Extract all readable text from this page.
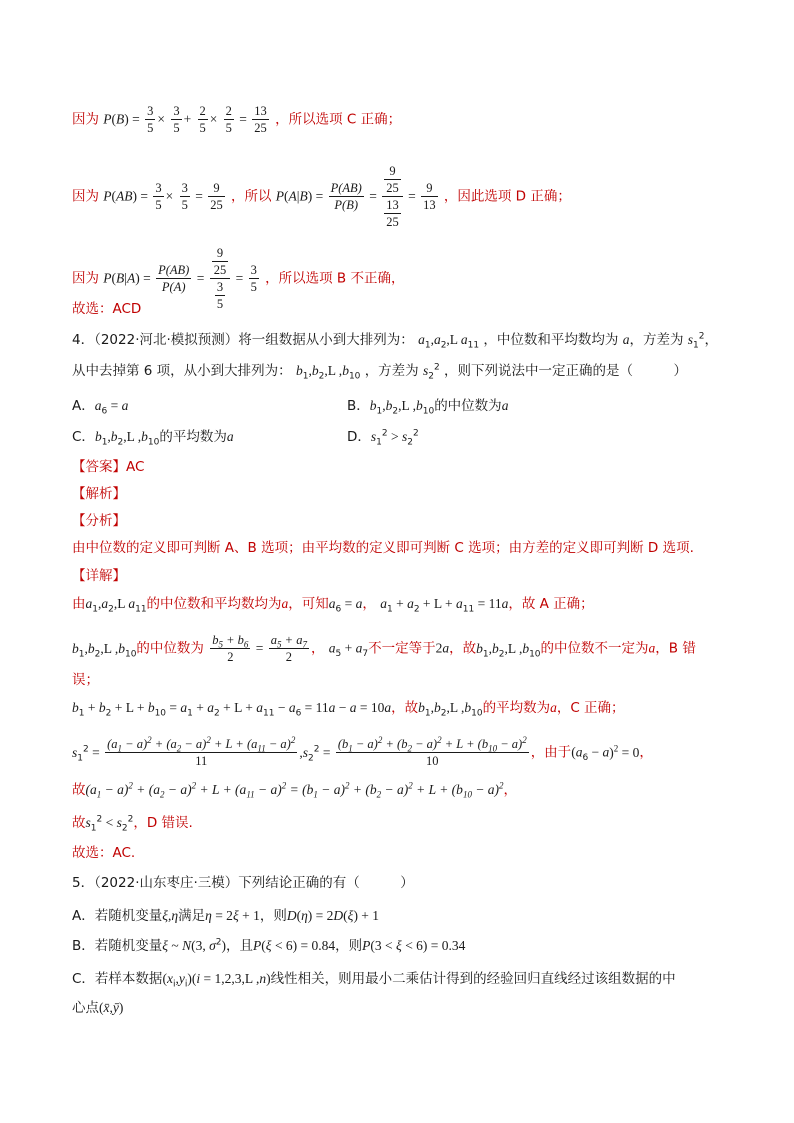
因为 $P(B) = \frac{3}{5} \times \frac{3}{5} + \frac{2}{5} \times \frac{2}{5} = \frac{13}{25}$ ，所以选项 C 正确；
因为 $P(AB) = \frac{3}{5} \times \frac{3}{5} = \frac{9}{25}$ ，所以 $P(A|B) = \frac{P(AB)}{P(B)} = \frac{\frac{9}{25}}{\frac{13}{25}} = \frac{9}{13}$ ，因此选项 D 正确；
因为 $P(B|A) = \frac{P(AB)}{P(A)} = \frac{\frac{9}{25}}{\frac{3}{5}} = \frac{3}{5}$ ，所以选项 B 不正确，
故选：ACD
4．（2022·河北·模拟预测）将一组数据从小到大排列为： $a_1,a_2,L$ $a_{11}$ ，中位数和平均数均为 a，方差为 $s_1^2$，
从中去掉第 6 项，从小到大排列为： $b_1,b_2,L$ $,b_{10}$ ，方差为 $s_2^2$ ，则下列说法中一定正确的是（　　　）
A．$a_6 = a$	B．$b_1,b_2,L$ $,b_{10}$的中位数为a
C．$b_1,b_2,L$ $,b_{10}$的平均数为a	D．$s_1^2 > s_2^2$
【答案】AC
【解析】
【分析】
由中位数的定义即可判断 A、B 选项；由平均数的定义即可判断 C 选项；由方差的定义即可判断 D 选项.
【详解】
由$a_1,a_2,L$ $a_{11}$的中位数和平均数均为a，可知$a_6 = a$， $a_1 + a_2 + L + a_{11} = 11a$，故 A 正确；
$b_1,b_2,L$ $,b_{10}$的中位数为 $\frac{b_5 + b_6}{2} = \frac{a_5 + a_7}{2}$ ， $a_5 + a_7$不一定等于2a，故$b_1,b_2,L$ $,b_{10}$的中位数不一定为a，B 错
误；
$b_1 + b_2 + L + b_{10} = a_1 + a_2 + L + a_{11} - a_6 = 11a - a = 10a$，故$b_1,b_2,L$ $,b_{10}$的平均数为a，C 正确；
$s_1^2 = \frac{(a_1 - a)^2 + (a_2 - a)^2 + L + (a_{11} - a)^2}{11} ,s_2^2 = \frac{(b_1 - a)^2 + (b_2 - a)^2 + L + (b_{10} - a)^2}{10}$ ，由于$(a_6 - a)^2 = 0$，
故$(a_1 - a)^2 + (a_2 - a)^2 + L + (a_{11} - a)^2 = (b_1 - a)^2 + (b_2 - a)^2 + L + (b_{10} - a)^2$，
故$s_1^2 < s_2^2$，D 错误.
故选：AC.
5．（2022·山东枣庄·三模）下列结论正确的有（　　　）
A．若随机变量ξ,η满足η = 2ξ + 1，则D(η) = 2D(ξ) + 1
B．若随机变量ξ ~ N(3, $\sigma^2$)，且P(ξ < 6) = 0.84，则P(3 < ξ < 6) = 0.34
C．若样本数据$(x_i,y_i)(i = 1,2,3,L$ ,n)线性相关，则用最小二乘估计得到的经验回归直线经过该组数据的中
心点(x̄,ȳ)
